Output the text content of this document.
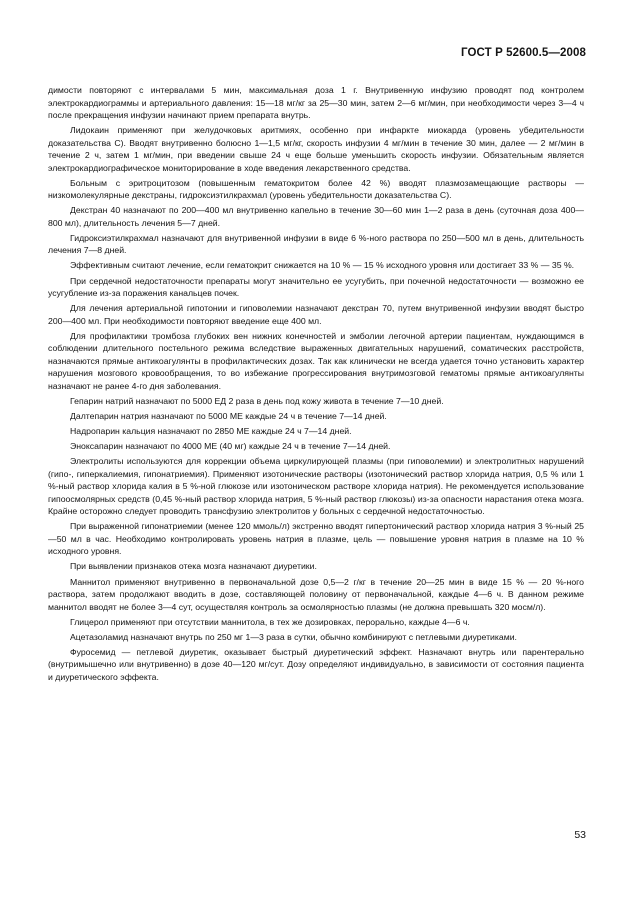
ГОСТ Р 52600.5—2008

димости повторяют с интервалами 5 мин, максимальная доза 1 г. Внутривенную инфузию проводят под контролем электрокардиограммы и артериального давления: 15—18 мг/кг за 25—30 мин, затем 2—6 мг/мин, при необходимости через 3—4 ч после прекращения инфузии начинают прием препарата внутрь.

Лидокаин применяют при желудочковых аритмиях, особенно при инфаркте миокарда (уровень убедительности доказательства С). Вводят внутривенно болюсно 1—1,5 мг/кг, скорость инфузии 4 мг/мин в течение 30 мин, далее — 2 мг/мин в течение 2 ч, затем 1 мг/мин, при введении свыше 24 ч еще больше уменьшить скорость инфузии. Обязательным является электрокардиографическое мониторирование в ходе введения лекарственного средства.

Больным с эритроцитозом (повышенным гематокритом более 42 %) вводят плазмозамещающие растворы — низкомолекулярные декстраны, гидроксиэтилкрахмал (уровень убедительности доказательства С).

Декстран 40 назначают по 200—400 мл внутривенно капельно в течение 30—60 мин 1—2 раза в день (суточная доза 400—800 мл), длительность лечения 5—7 дней.

Гидроксиэтилкрахмал назначают для внутривенной инфузии в виде 6 %-ного раствора по 250—500 мл в день, длительность лечения 7—8 дней.

Эффективным считают лечение, если гематокрит снижается на 10 % — 15 % исходного уровня или достигает 33 % — 35 %.

При сердечной недостаточности препараты могут значительно ее усугубить, при почечной недостаточности — возможно ее усугубление из-за поражения канальцев почек.

Для лечения артериальной гипотонии и гиповолемии назначают декстран 70, путем внутривенной инфузии вводят быстро 200—400 мл. При необходимости повторяют введение еще 400 мл.

Для профилактики тромбоза глубоких вен нижних конечностей и эмболии легочной артерии пациентам, нуждающимся в соблюдении длительного постельного режима вследствие выраженных двигательных нарушений, соматических расстройств, назначаются прямые антикоагулянты в профилактических дозах. Так как клинически не всегда удается точно установить характер нарушения мозгового кровообращения, то во избежание прогрессирования внутримозговой гематомы прямые антикоагулянты назначают не ранее 4-го дня заболевания.

Гепарин натрий назначают по 5000 ЕД 2 раза в день под кожу живота в течение 7—10 дней.

Далтепарин натрия назначают по 5000 МЕ каждые 24 ч в течение 7—14 дней.

Надропарин кальция назначают по 2850 МЕ каждые 24 ч 7—14 дней.

Эноксапарин назначают по 4000 МЕ (40 мг) каждые 24 ч в течение 7—14 дней.

Электролиты используются для коррекции объема циркулирующей плазмы (при гиповолемии) и электролитных нарушений (гипо-, гиперкалиемия, гипонатриемия). Применяют изотонические растворы (изотонический раствор хлорида натрия, 0,5 % или 1 %-ный раствор хлорида калия в 5 %-ной глюкозе или изотоническом растворе хлорида натрия). Не рекомендуется использование гипоосмолярных средств (0,45 %-ный раствор хлорида натрия, 5 %-ный раствор глюкозы) из-за опасности нарастания отека мозга. Крайне осторожно следует проводить трансфузию электролитов у больных с сердечной недостаточностью.

При выраженной гипонатриемии (менее 120 ммоль/л) экстренно вводят гипертонический раствор хлорида натрия 3 %-ный 25—50 мл в час. Необходимо контролировать уровень натрия в плазме, цель — повышение уровня натрия в плазме на 10 % исходного уровня.

При выявлении признаков отека мозга назначают диуретики.

Маннитол применяют внутривенно в первоначальной дозе 0,5—2 г/кг в течение 20—25 мин в виде 15 % — 20 %-ного раствора, затем продолжают вводить в дозе, составляющей половину от первоначальной, каждые 4—6 ч. В данном режиме маннитол вводят не более 3—4 сут, осуществляя контроль за осмолярностью плазмы (не должна превышать 320 мосм/л).

Глицерол применяют при отсутствии маннитола, в тех же дозировках, перорально, каждые 4—6 ч.

Ацетазоламид назначают внутрь по 250 мг 1—3 раза в сутки, обычно комбинируют с петлевыми диуретиками.

Фуросемид — петлевой диуретик, оказывает быстрый диуретический эффект. Назначают внутрь или парентерально (внутримышечно или внутривенно) в дозе 40—120 мг/сут. Дозу определяют индивидуально, в зависимости от состояния пациента и диуретического эффекта.

53
